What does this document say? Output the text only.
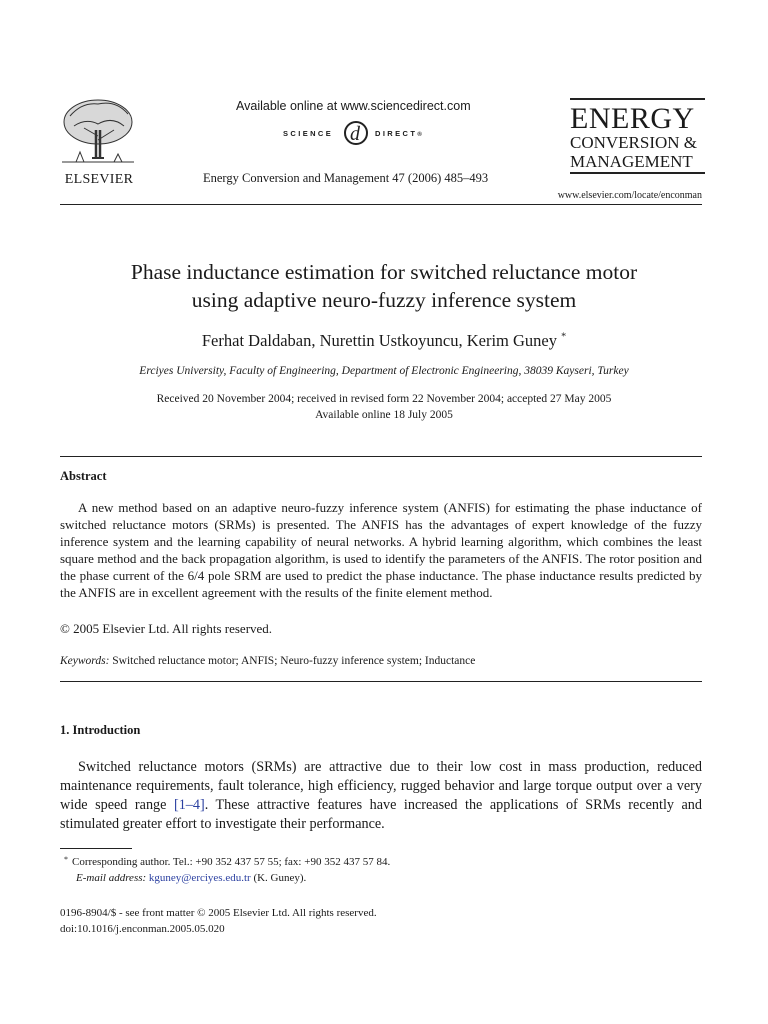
ELSEVIER
Available online at www.sciencedirect.com
SCIENCE d DIRECT®
Energy Conversion and Management 47 (2006) 485–493
ENERGY
CONVERSION &
MANAGEMENT
www.elsevier.com/locate/enconman
Phase inductance estimation for switched reluctance motor
using adaptive neuro-fuzzy inference system
Ferhat Daldaban, Nurettin Ustkoyuncu, Kerim Guney *
Erciyes University, Faculty of Engineering, Department of Electronic Engineering, 38039 Kayseri, Turkey
Received 20 November 2004; received in revised form 22 November 2004; accepted 27 May 2005
Available online 18 July 2005
Abstract
A new method based on an adaptive neuro-fuzzy inference system (ANFIS) for estimating the phase inductance of switched reluctance motors (SRMs) is presented. The ANFIS has the advantages of expert knowledge of the fuzzy inference system and the learning capability of neural networks. A hybrid learning algorithm, which combines the least square method and the back propagation algorithm, is used to identify the parameters of the ANFIS. The rotor position and the phase current of the 6/4 pole SRM are used to predict the phase inductance. The phase inductance results predicted by the ANFIS are in excellent agreement with the results of the finite element method.
© 2005 Elsevier Ltd. All rights reserved.
Keywords: Switched reluctance motor; ANFIS; Neuro-fuzzy inference system; Inductance
1. Introduction
Switched reluctance motors (SRMs) are attractive due to their low cost in mass production, reduced maintenance requirements, fault tolerance, high efficiency, rugged behavior and large torque output over a very wide speed range [1–4]. These attractive features have increased the applications of SRMs recently and stimulated greater effort to investigate their performance.
* Corresponding author. Tel.: +90 352 437 57 55; fax: +90 352 437 57 84.
E-mail address: kguney@erciyes.edu.tr (K. Guney).
0196-8904/$ - see front matter © 2005 Elsevier Ltd. All rights reserved.
doi:10.1016/j.enconman.2005.05.020
